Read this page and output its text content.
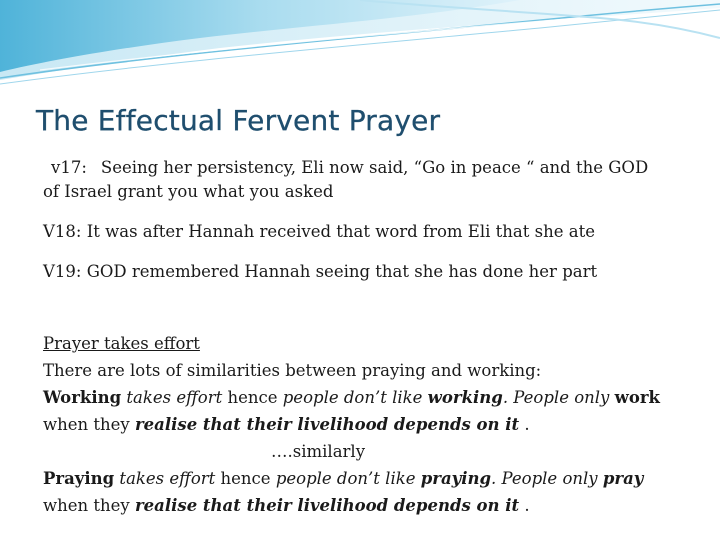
The Effectual Fervent Prayer
v17: Seeing her persistency, Eli now said, “Go in peace “ and the GOD
of Israel grant you what you asked
V18: It was after Hannah received that word from Eli that she ate
V19: GOD remembered Hannah seeing that she has done her part
Prayer takes effort
There are lots of similarities between praying and working:
Working takes effort hence people don’t like working. People only work
when they realise that their livelihood depends on it .

….similarly
Praying takes effort hence people don’t like praying. People only pray
when they realise that their livelihood depends on it .
